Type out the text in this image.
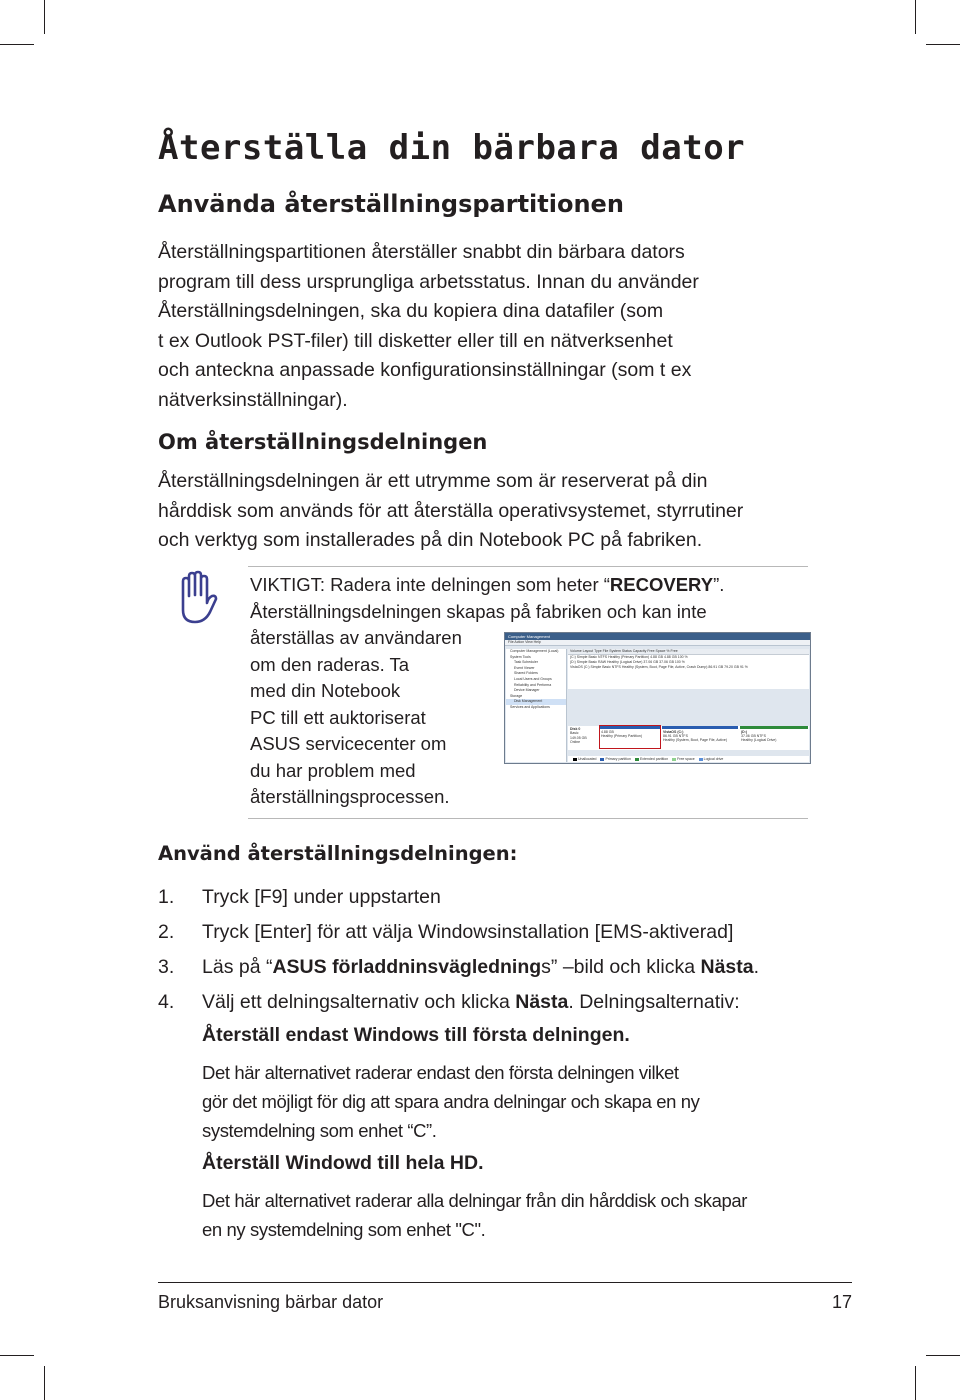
Återställa din bärbara dator
Använda återställningspartitionen
Återställningspartitionen återställer snabbt din bärbara dators
program till dess ursprungliga arbetsstatus. Innan du använder
Återställningsdelningen, ska du kopiera dina datafiler (som
t ex Outlook PST-filer) till disketter eller till en nätverksenhet
och anteckna anpassade konfigurationsinställningar (som t ex
nätverksinställningar).
Om återställningsdelningen
Återställningsdelningen är ett utrymme som är reserverat på din
hårddisk som används för att återställa operativsystemet, styrrutiner
och verktyg som installerades på din Notebook PC på fabriken.
VIKTIGT: Radera inte delningen som heter “RECOVERY”.
Återställningsdelningen skapas på fabriken och kan inte
återställas av användaren
om den raderas. Ta
med din Notebook
PC till ett auktoriserat
ASUS servicecenter om
du har problem med
återställningsprocessen.
Computer Management
File Action View Help
Computer Management (Local)
System Tools
Task Scheduler
Event Viewer
Shared Folders
Local Users and Groups
Reliability and Performa
Device Manager
Storage
Disk Management
Services and Applications
Volume Layout Type File System Status Capacity Free Space % Free
(C:) Simple Basic NTFS Healthy (Primary Partition) 4.88 GB 4.88 GB 100 %
(D:) Simple Basic RAW Healthy (Logical Drive) 37.06 GB 37.06 GB 100 %
VistaOS (C:) Simple Basic NTFS Healthy (System, Boot, Page File, Active, Crash Dump) 86.91 GB 79.20 GB 91 %
Disk 0
Basic
149.05 GB
Online
4.88 GB
Healthy (Primary Partition)
VistaOS (C:)
86.91 GB NTFS
Healthy (System, Boot, Page File, Active)
(D:)
37.06 GB NTFS
Healthy (Logical Drive)
Unallocated	Primary partition	Extended partition	Free space	Logical drive
Använd återställningsdelningen:
1. Tryck [F9] under uppstarten
2. Tryck [Enter] för att välja Windowsinstallation [EMS-aktiverad]
3. Läs på “ASUS förladdninsväglednings” –bild och klicka Nästa.
4. Välj ett delningsalternativ och klicka Nästa. Delningsalternativ:
Återställ endast Windows till första delningen.
Det här alternativet raderar endast den första delningen vilket
gör det möjligt för dig att spara andra delningar och skapa en ny
systemdelning som enhet “C”.
Återställ Windowd till hela HD.
Det här alternativet raderar alla delningar från din hårddisk och skapar
en ny systemdelning som enhet "C".
Bruksanvisning bärbar dator	17
